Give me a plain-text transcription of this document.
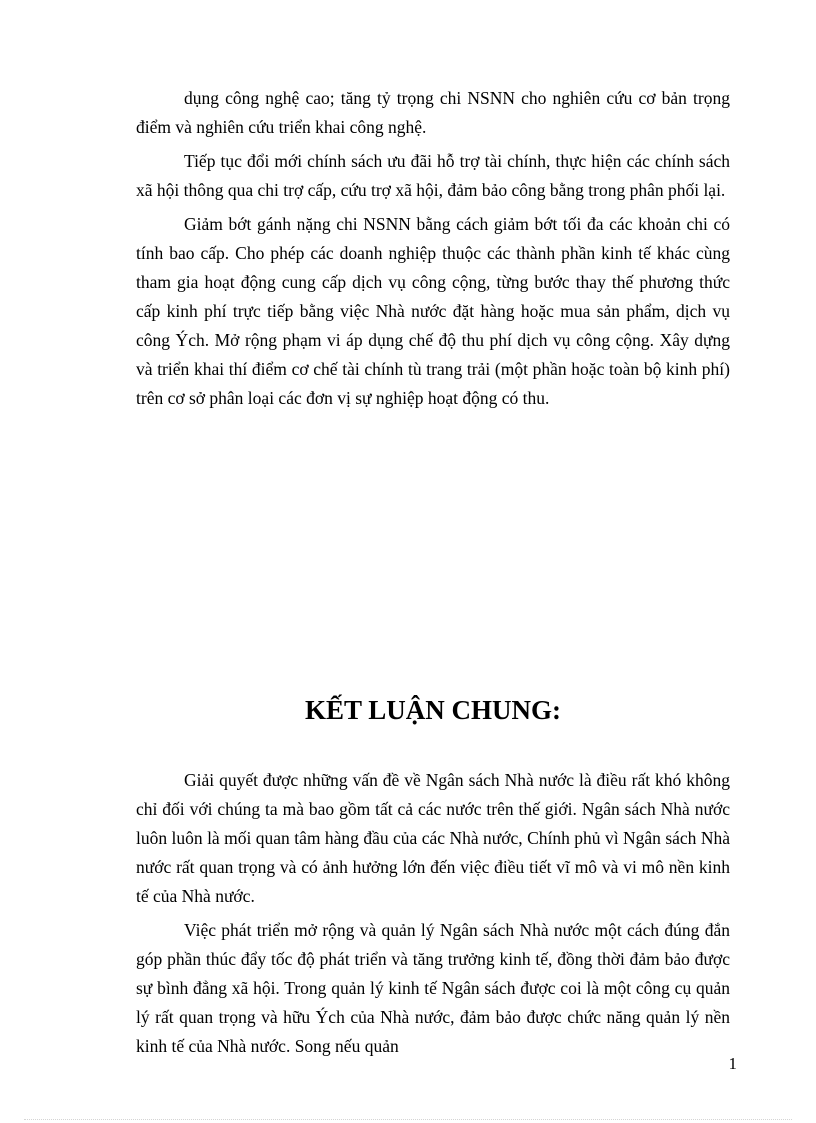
dụng công nghệ cao; tăng tỷ trọng chi NSNN cho nghiên cứu cơ bản trọng điểm và nghiên cứu triển khai công nghệ.

Tiếp tục đổi mới chính sách ưu đãi hỗ trợ tài chính, thực hiện các chính sách xã hội thông qua chi trợ cấp, cứu trợ xã hội, đảm bảo công bằng trong phân phối lại.

Giảm bớt gánh nặng chi NSNN bằng cách giảm bớt tối đa các khoản chi có tính bao cấp. Cho phép các doanh nghiệp thuộc các thành phần kinh tế khác cùng tham gia hoạt động cung cấp dịch vụ công cộng, từng bước thay thế phương thức cấp kinh phí trực tiếp bằng việc Nhà nước đặt hàng hoặc mua sản phẩm, dịch vụ công Ých. Mở rộng phạm vi áp dụng chế độ thu phí dịch vụ công cộng. Xây dựng và triển khai thí điểm cơ chế tài chính tù trang trải (một phần hoặc toàn bộ kinh phí) trên cơ sở phân loại các đơn vị sự nghiệp hoạt động có thu.

KẾT LUẬN CHUNG:

Giải quyết được những vấn đề về Ngân sách Nhà nước là điều rất khó không chỉ đối với chúng ta mà bao gồm tất cả các nước trên thế giới. Ngân sách Nhà nước luôn luôn là mối quan tâm hàng đầu của các Nhà nước, Chính phủ vì Ngân sách Nhà nước rất quan trọng và có ảnh hưởng lớn đến việc điều tiết vĩ mô và vi mô nền kinh tế của Nhà nước.

Việc phát triển mở rộng và quản lý Ngân sách Nhà nước một cách đúng đắn góp phần thúc đẩy tốc độ phát triển và tăng trưởng kinh tế, đồng thời đảm bảo được sự bình đẳng xã hội. Trong quản lý kinh tế Ngân sách được coi là một công cụ quản lý rất quan trọng và hữu Ých của Nhà nước, đảm bảo được chức năng quản lý nền kinh tế của Nhà nước. Song nếu quản

1
